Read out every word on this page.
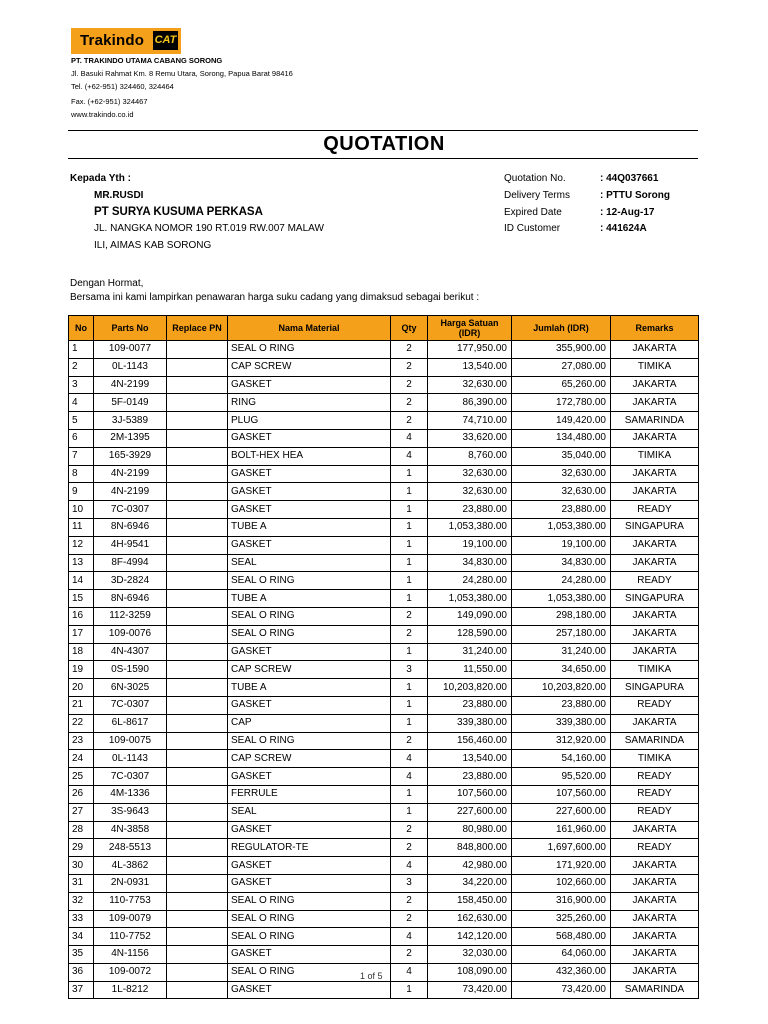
Trakindo CAT
PT. TRAKINDO UTAMA CABANG SORONG
Jl. Basuki Rahmat Km. 8 Remu Utara, Sorong, Papua Barat 98416
Tel. (+62-951) 324460, 324464
Fax. (+62-951) 324467
www.trakindo.co.id
QUOTATION
Kepada Yth :
MR.RUSDI
PT SURYA KUSUMA PERKASA
JL. NANGKA NOMOR 190 RT.019 RW.007 MALAW
ILI, AIMAS KAB SORONG
Quotation No.	: 44Q037661
Delivery Terms	: PTTU Sorong
Expired Date	: 12-Aug-17
ID Customer	: 441624A
Dengan Hormat,
Bersama ini kami lampirkan penawaran harga suku cadang yang dimaksud sebagai berikut :
No	Parts No	Replace PN	Nama Material	Qty	Harga Satuan (IDR)	Jumlah (IDR)	Remarks
1	109-0077		SEAL O RING	2	177,950.00	355,900.00	JAKARTA
2	0L-1143		CAP SCREW	2	13,540.00	27,080.00	TIMIKA
3	4N-2199		GASKET	2	32,630.00	65,260.00	JAKARTA
4	5F-0149		RING	2	86,390.00	172,780.00	JAKARTA
5	3J-5389		PLUG	2	74,710.00	149,420.00	SAMARINDA
6	2M-1395		GASKET	4	33,620.00	134,480.00	JAKARTA
7	165-3929		BOLT-HEX HEA	4	8,760.00	35,040.00	TIMIKA
8	4N-2199		GASKET	1	32,630.00	32,630.00	JAKARTA
9	4N-2199		GASKET	1	32,630.00	32,630.00	JAKARTA
10	7C-0307		GASKET	1	23,880.00	23,880.00	READY
11	8N-6946		TUBE A	1	1,053,380.00	1,053,380.00	SINGAPURA
12	4H-9541		GASKET	1	19,100.00	19,100.00	JAKARTA
13	8F-4994		SEAL	1	34,830.00	34,830.00	JAKARTA
14	3D-2824		SEAL O RING	1	24,280.00	24,280.00	READY
15	8N-6946		TUBE A	1	1,053,380.00	1,053,380.00	SINGAPURA
16	112-3259		SEAL O RING	2	149,090.00	298,180.00	JAKARTA
17	109-0076		SEAL O RING	2	128,590.00	257,180.00	JAKARTA
18	4N-4307		GASKET	1	31,240.00	31,240.00	JAKARTA
19	0S-1590		CAP SCREW	3	11,550.00	34,650.00	TIMIKA
20	6N-3025		TUBE A	1	10,203,820.00	10,203,820.00	SINGAPURA
21	7C-0307		GASKET	1	23,880.00	23,880.00	READY
22	6L-8617		CAP	1	339,380.00	339,380.00	JAKARTA
23	109-0075		SEAL O RING	2	156,460.00	312,920.00	SAMARINDA
24	0L-1143		CAP SCREW	4	13,540.00	54,160.00	TIMIKA
25	7C-0307		GASKET	4	23,880.00	95,520.00	READY
26	4M-1336		FERRULE	1	107,560.00	107,560.00	READY
27	3S-9643		SEAL	1	227,600.00	227,600.00	READY
28	4N-3858		GASKET	2	80,980.00	161,960.00	JAKARTA
29	248-5513		REGULATOR-TE	2	848,800.00	1,697,600.00	READY
30	4L-3862		GASKET	4	42,980.00	171,920.00	JAKARTA
31	2N-0931		GASKET	3	34,220.00	102,660.00	JAKARTA
32	110-7753		SEAL O RING	2	158,450.00	316,900.00	JAKARTA
33	109-0079		SEAL O RING	2	162,630.00	325,260.00	JAKARTA
34	110-7752		SEAL O RING	4	142,120.00	568,480.00	JAKARTA
35	4N-1156		GASKET	2	32,030.00	64,060.00	JAKARTA
36	109-0072		SEAL O RING	4	108,090.00	432,360.00	JAKARTA
37	1L-8212		GASKET	1	73,420.00	73,420.00	SAMARINDA
1 of 5
